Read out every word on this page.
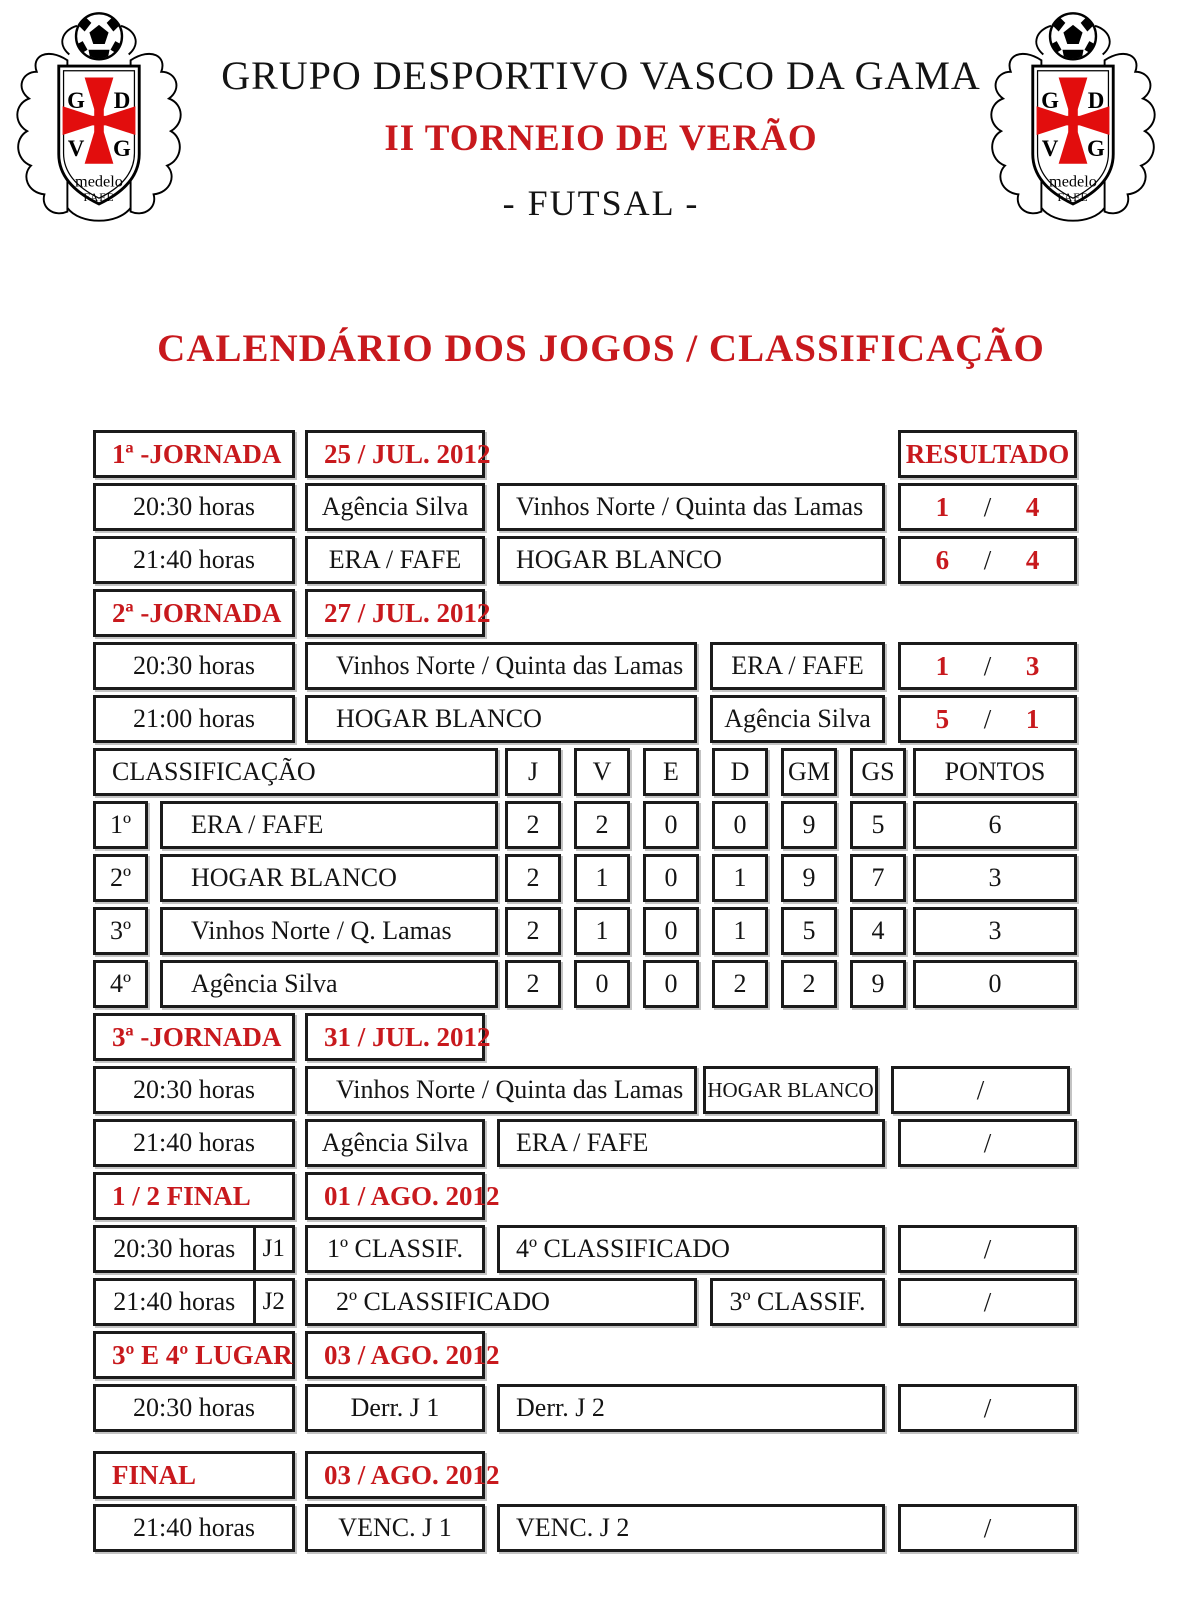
G D
V G
medelo
FAFE
G D
V G
medelo
FAFE
GRUPO DESPORTIVO VASCO DA GAMA
II TORNEIO DE VERÃO
- FUTSAL -
CALENDÁRIO DOS JOGOS / CLASSIFICAÇÃO
1ª -JORNADA	25 / JUL. 2012	RESULTADO
20:30 horas	Agência Silva	Vinhos Norte / Quinta das Lamas	1 / 4
21:40 horas	ERA / FAFE	HOGAR BLANCO	6 / 4
2ª -JORNADA	27 / JUL. 2012
20:30 horas	Vinhos Norte / Quinta das Lamas	ERA / FAFE	1 / 3
21:00 horas	HOGAR BLANCO	Agência Silva	5 / 1
CLASSIFICAÇÃO	J	V	E	D	GM	GS	PONTOS
1º	ERA / FAFE	2	2	0	0	9	5	6
2º	HOGAR BLANCO	2	1	0	1	9	7	3
3º	Vinhos Norte / Q. Lamas	2	1	0	1	5	4	3
4º	Agência Silva	2	0	0	2	2	9	0
3ª -JORNADA	31 / JUL. 2012
20:30 horas	Vinhos Norte / Quinta das Lamas	HOGAR BLANCO	/
21:40 horas	Agência Silva	ERA / FAFE	/
1 / 2 FINAL	01 / AGO. 2012
20:30 horas	J1	1º CLASSIF.	4º CLASSIFICADO	/
21:40 horas	J2	2º CLASSIFICADO	3º CLASSIF.	/
3º E 4º LUGAR	03 / AGO. 2012
20:30 horas	Derr. J 1	Derr. J 2	/
FINAL	03 / AGO. 2012
21:40 horas	VENC. J 1	VENC. J 2	/
